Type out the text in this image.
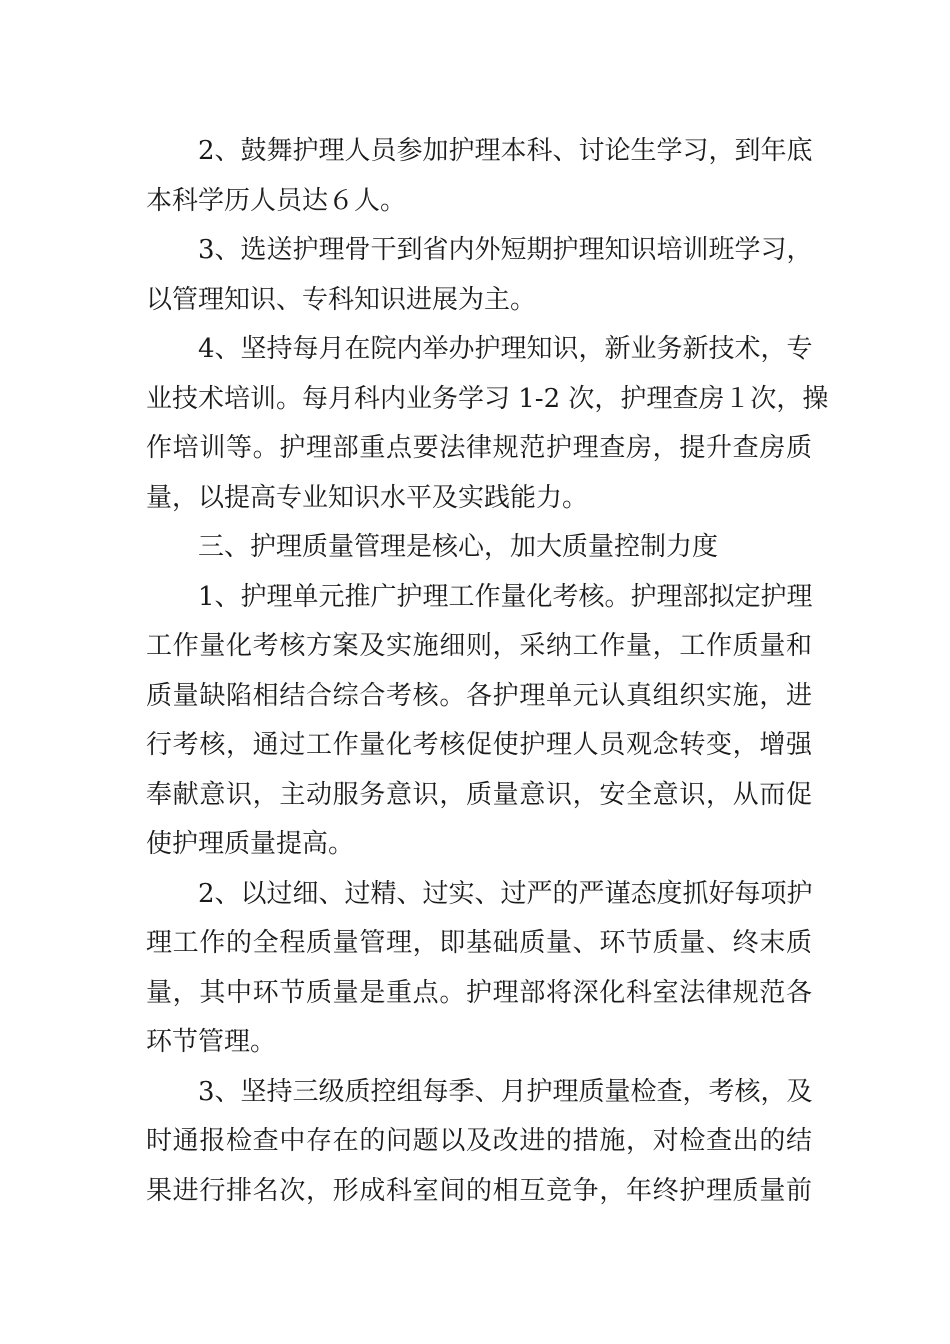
2、鼓舞护理人员参加护理本科、讨论生学习，到年底
本科学历人员达６人。
3、选送护理骨干到省内外短期护理知识培训班学习，
以管理知识、专科知识进展为主。
4、坚持每月在院内举办护理知识，新业务新技术，专
业技术培训。每月科内业务学习 1-2 次，护理查房１次，操
作培训等。护理部重点要法律规范护理查房，提升查房质
量，以提高专业知识水平及实践能力。
三、护理质量管理是核心，加大质量控制力度
1、护理单元推广护理工作量化考核。护理部拟定护理
工作量化考核方案及实施细则，采纳工作量，工作质量和
质量缺陷相结合综合考核。各护理单元认真组织实施，进
行考核，通过工作量化考核促使护理人员观念转变，增强
奉献意识，主动服务意识，质量意识，安全意识，从而促
使护理质量提高。
2、以过细、过精、过实、过严的严谨态度抓好每项护
理工作的全程质量管理，即基础质量、环节质量、终末质
量，其中环节质量是重点。护理部将深化科室法律规范各
环节管理。
3、坚持三级质控组每季、月护理质量检查，考核，及
时通报检查中存在的问题以及改进的措施，对检查出的结
果进行排名次，形成科室间的相互竞争，年终护理质量前
